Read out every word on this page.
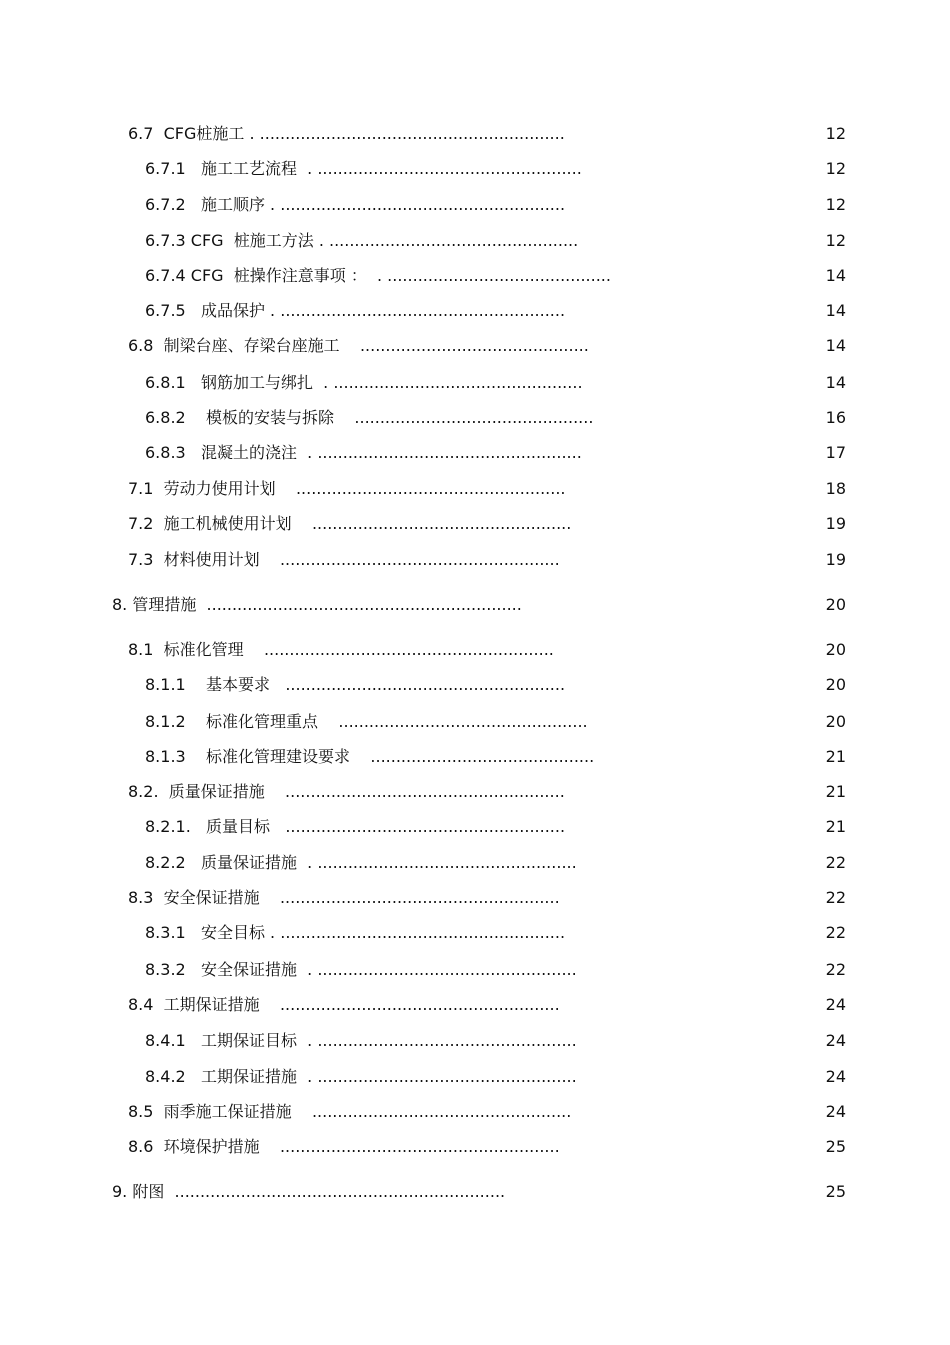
6.7  CFG桩施工 . ............................................................	12
6.7.1   施工工艺流程  . ....................................................	12
6.7.2   施工顺序 . ........................................................	12
6.7.3 CFG  桩施工方法 . .................................................	12
6.7.4 CFG  桩操作注意事项 ：  . ............................................	14
6.7.5   成品保护 . ........................................................	14
6.8  制梁台座、存梁台座施工    .............................................	14
6.8.1   钢筋加工与绑扎  . .................................................	14
6.8.2    模板的安装与拆除    ...............................................	16
6.8.3   混凝土的浇注  . ....................................................	17
7.1  劳动力使用计划    .....................................................	18
7.2  施工机械使用计划    ...................................................	19
7.3  材料使用计划    .......................................................	19
8. 管理措施  ..............................................................	20
8.1  标准化管理    .........................................................	20
8.1.1    基本要求   .......................................................	20
8.1.2    标准化管理重点    .................................................	20
8.1.3    标准化管理建设要求    ............................................	21
8.2.  质量保证措施    .......................................................	21
8.2.1.   质量目标   .......................................................	21
8.2.2   质量保证措施  . ...................................................	22
8.3  安全保证措施    .......................................................	22
8.3.1   安全目标 . ........................................................	22
8.3.2   安全保证措施  . ...................................................	22
8.4  工期保证措施    .......................................................	24
8.4.1   工期保证目标  . ...................................................	24
8.4.2   工期保证措施  . ...................................................	24
8.5  雨季施工保证措施    ...................................................	24
8.6  环境保护措施    .......................................................	25
9. 附图  .................................................................	25
